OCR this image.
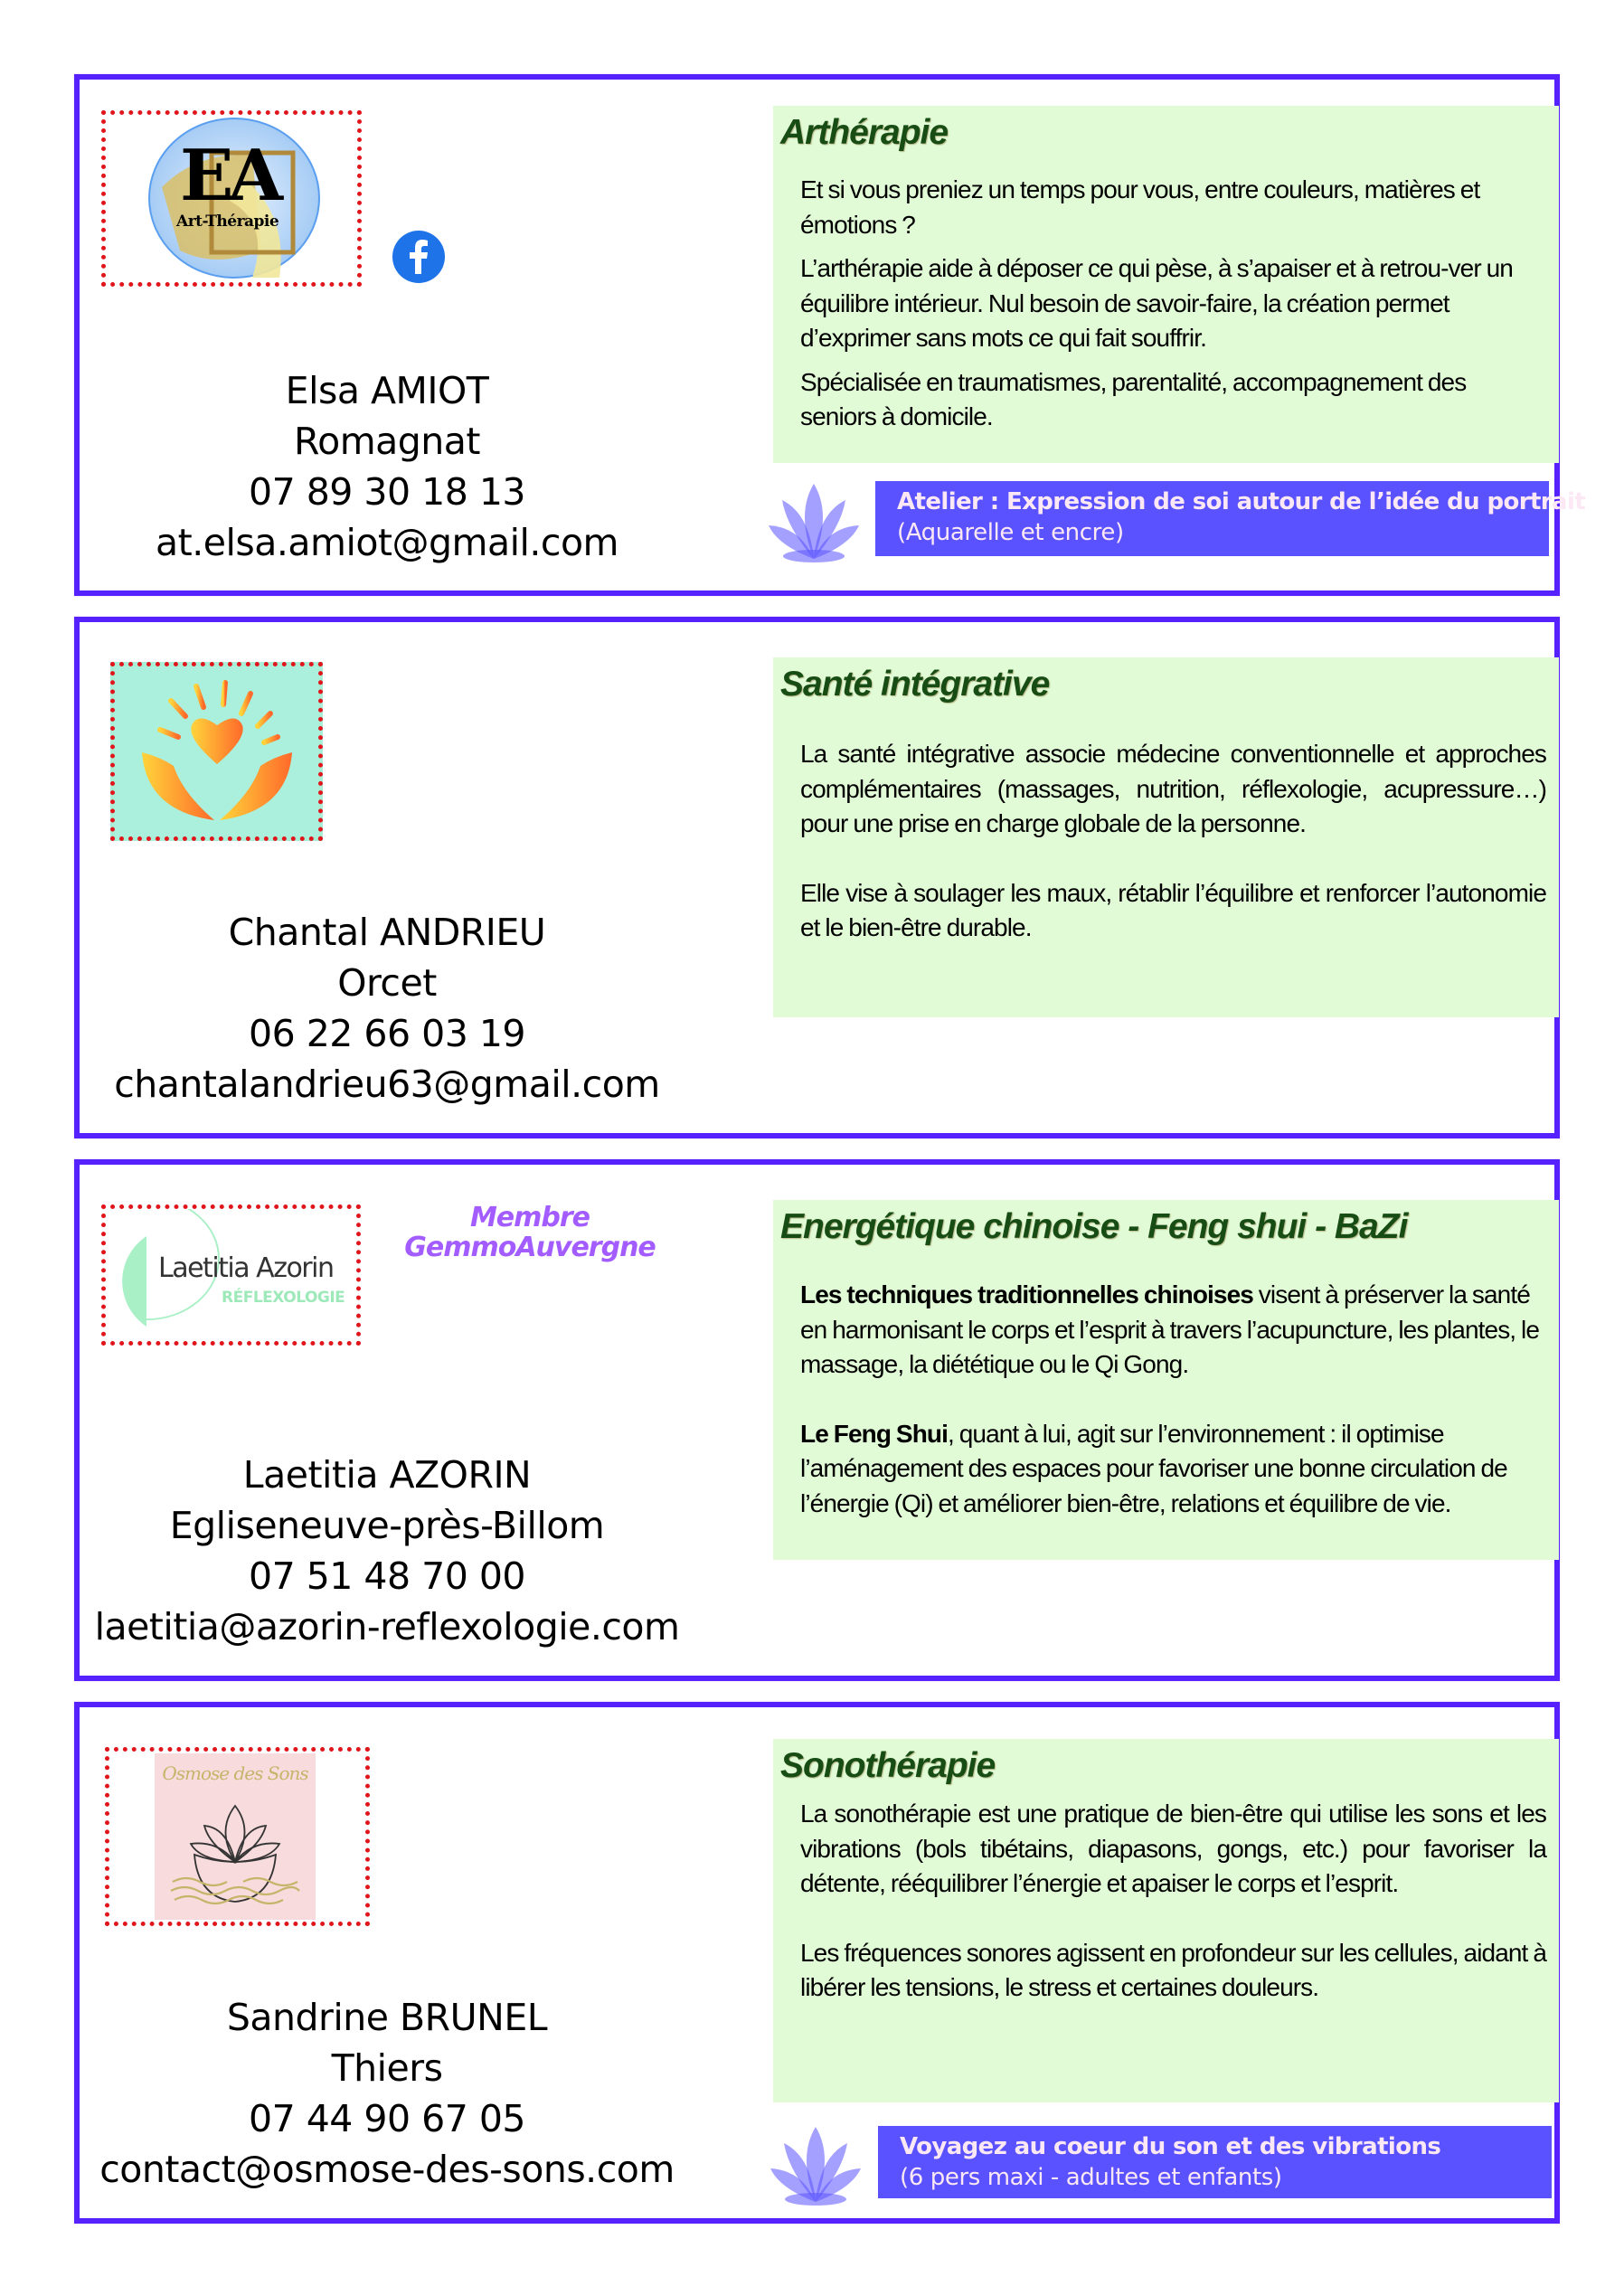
EA
Art-Thérapie
Elsa AMIOT
Romagnat
07 89 30 18 13
at.elsa.amiot@gmail.com
Arthérapie

Et si vous preniez un temps pour vous, entre couleurs, matières et émotions ?

L’arthérapie aide à déposer ce qui pèse, à s’apaiser et à retrou-ver un équilibre intérieur. Nul besoin de savoir-faire, la création permet d’exprimer sans mots ce qui fait souffrir.

Spécialisée en traumatismes, parentalité, accompagnement des seniors à domicile.

Atelier : Expression de soi autour de l’idée du portrait
(Aquarelle et encre)
Chantal ANDRIEU
Orcet
06 22 66 03 19
chantalandrieu63@gmail.com
Santé intégrative

La santé intégrative associe médecine conventionnelle et approches complémentaires (massages, nutrition, réflexologie, acupressure…) pour une prise en charge globale de la personne.

Elle vise à soulager les maux, rétablir l’équilibre et renforcer l’autonomie et le bien-être durable.

Laetitia Azorin
RÉFLEXOLOGIE
Membre
GemmoAuvergne
Laetitia AZORIN
Egliseneuve-près-Billom
07 51 48 70 00
laetitia@azorin-reflexologie.com
Energétique chinoise - Feng shui - BaZi

Les techniques traditionnelles chinoises visent à préserver la santé en harmonisant le corps et l’esprit à travers l’acupuncture, les plantes, le massage, la diététique ou le Qi Gong.

Le Feng Shui, quant à lui, agit sur l’environnement : il optimise l’aménagement des espaces pour favoriser une bonne circulation de l’énergie (Qi) et améliorer bien-être, relations et équilibre de vie.

Osmose des Sons
Sandrine BRUNEL
Thiers
07 44 90 67 05
contact@osmose-des-sons.com
Sonothérapie

La sonothérapie est une pratique de bien-être qui utilise les sons et les vibrations (bols tibétains, diapasons, gongs, etc.) pour favoriser la détente, rééquilibrer l’énergie et apaiser le corps et l’esprit.

Les fréquences sonores agissent en profondeur sur les cellules, aidant à libérer les tensions, le stress et certaines douleurs.

Voyagez au coeur du son et des vibrations
(6 pers maxi - adultes et enfants)
